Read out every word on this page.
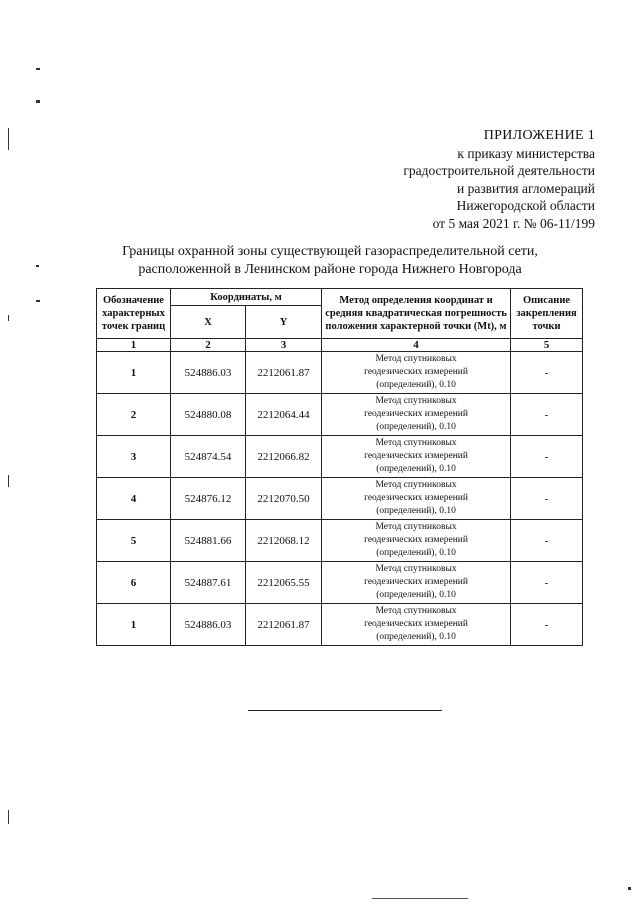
ПРИЛОЖЕНИЕ 1
к приказу министерства
градостроительной деятельности
и развития агломераций
Нижегородской области
от 5 мая 2021 г. № 06-11/199
Границы охранной зоны существующей газораспределительной сети,
расположенной в Ленинском районе города Нижнего Новгорода
Обозначение характерных точек границ	Координаты, м		Метод определения координат и средняя квадратическая погрешность положения характерной точки (Mt), м	Описание закрепления точки
	X	Y		
1	2	3	4	5
1	524886.03	2212061.87	Метод спутниковых
геодезических измерений
(определений), 0.10	-
2	524880.08	2212064.44	Метод спутниковых
геодезических измерений
(определений), 0.10	-
3	524874.54	2212066.82	Метод спутниковых
геодезических измерений
(определений), 0.10	-
4	524876.12	2212070.50	Метод спутниковых
геодезических измерений
(определений), 0.10	-
5	524881.66	2212068.12	Метод спутниковых
геодезических измерений
(определений), 0.10	-
6	524887.61	2212065.55	Метод спутниковых
геодезических измерений
(определений), 0.10	-
1	524886.03	2212061.87	Метод спутниковых
геодезических измерений
(определений), 0.10	-
